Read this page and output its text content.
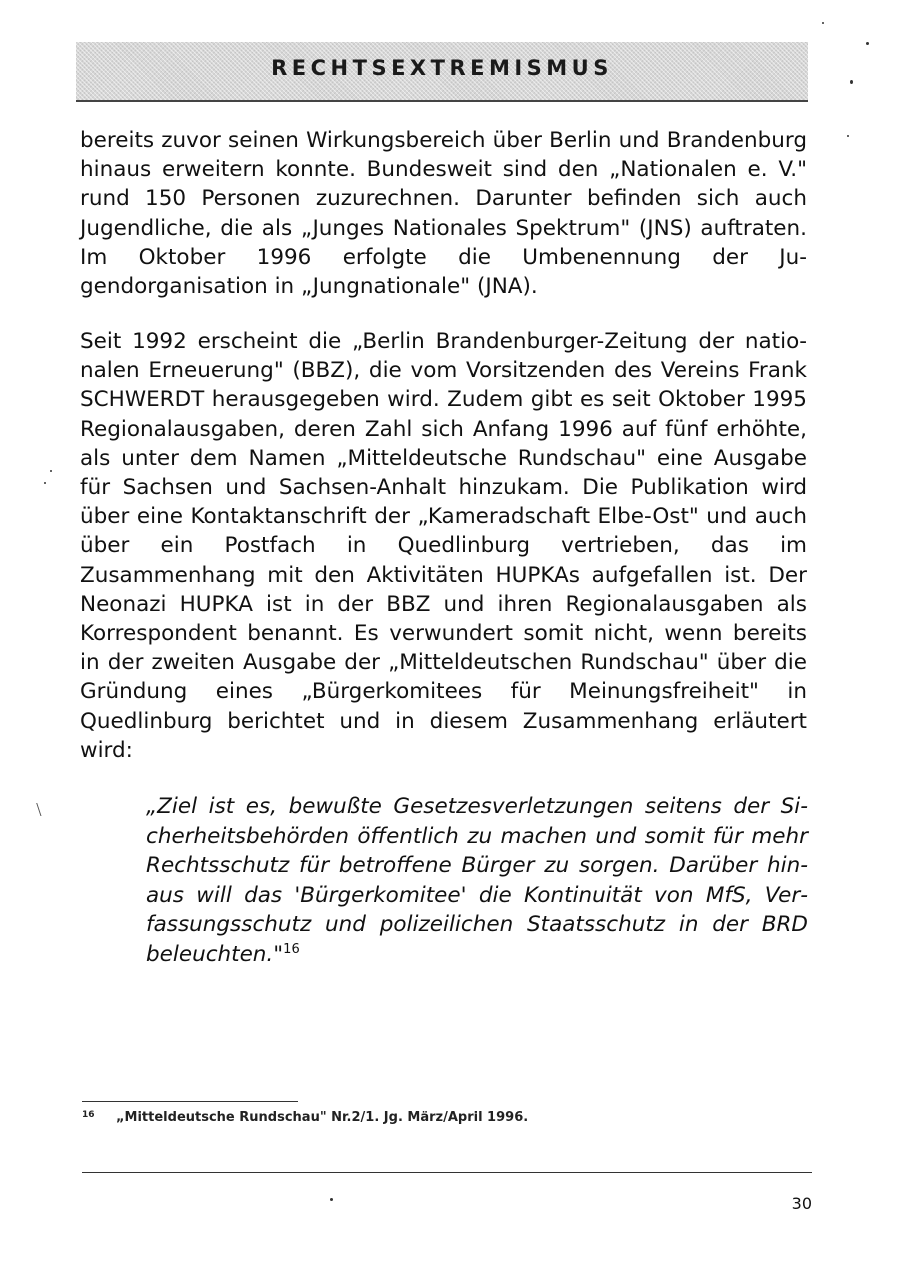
RECHTSEXTREMISMUS

bereits zuvor seinen Wirkungsbereich über Berlin und Brandenburg hinaus erweitern konnte. Bundesweit sind den „Nationalen e. V." rund 150 Personen zuzurechnen. Darunter befinden sich auch Jugendliche, die als „Junges Nationales Spektrum" (JNS) auftraten. Im Oktober 1996 erfolgte die Umbenennung der Jugendorganisation in „Jungnationale" (JNA).

Seit 1992 erscheint die „Berlin Brandenburger-Zeitung der nationalen Erneuerung" (BBZ), die vom Vorsitzenden des Vereins Frank SCHWERDT herausgegeben wird. Zudem gibt es seit Oktober 1995 Regionalausgaben, deren Zahl sich Anfang 1996 auf fünf erhöhte, als unter dem Namen „Mitteldeutsche Rundschau" eine Ausgabe für Sachsen und Sachsen-Anhalt hinzukam. Die Publikation wird über eine Kontaktanschrift der „Kameradschaft Elbe-Ost" und auch über ein Postfach in Quedlinburg vertrieben, das im Zusammenhang mit den Aktivitäten HUPKAs aufgefallen ist. Der Neonazi HUPKA ist in der BBZ und ihren Regionalausgaben als Korrespondent benannt. Es verwundert somit nicht, wenn bereits in der zweiten Ausgabe der „Mitteldeutschen Rundschau" über die Gründung eines „Bürgerkomitees für Meinungsfreiheit" in Quedlinburg berichtet und in diesem Zusammenhang erläutert wird:

„Ziel ist es, bewußte Gesetzesverletzungen seitens der Sicherheitsbehörden öffentlich zu machen und somit für mehr Rechtsschutz für betroffene Bürger zu sorgen. Darüber hinaus will das 'Bürgerkomitee' die Kontinuität von MfS, Verfassungsschutz und polizeilichen Staatsschutz in der BRD beleuchten."$^{16}$

16 „Mitteldeutsche Rundschau" Nr.2/1. Jg. März/April 1996.
30
⧵
